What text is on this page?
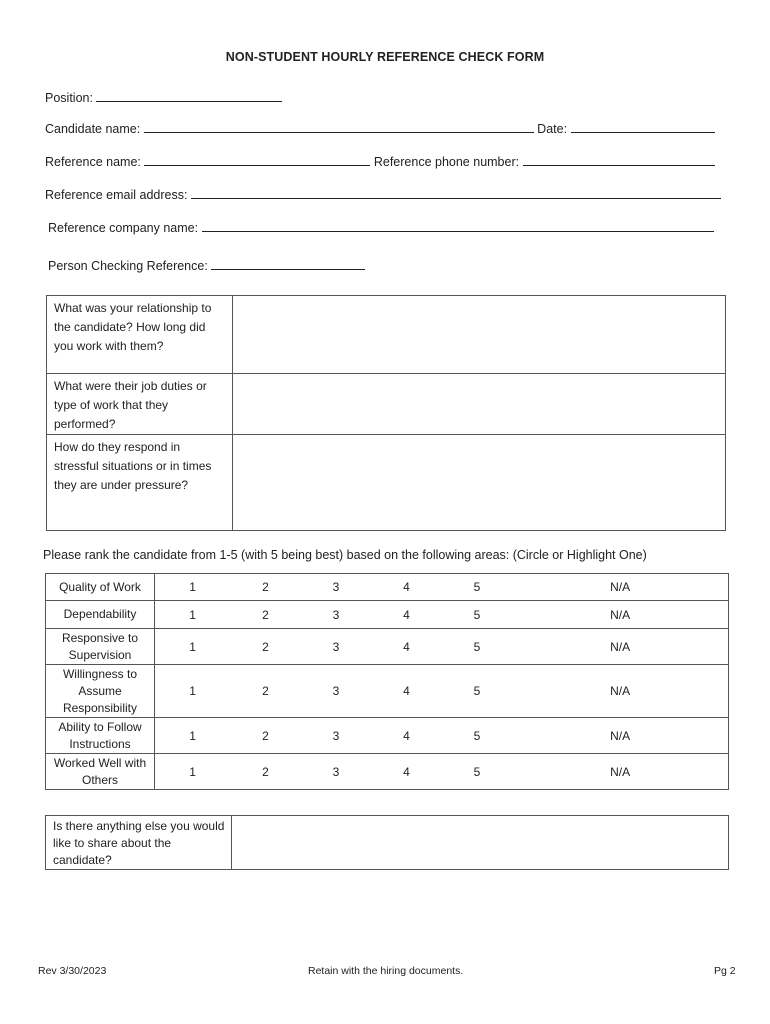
NON-STUDENT HOURLY REFERENCE CHECK FORM
Position:
Candidate name:	Date:
Reference name:	Reference phone number:
Reference email address:
Reference company name:
Person Checking Reference:
What was your relationship to the candidate? How long did you work with them?	
What were their job duties or type of work that they performed?	
How do they respond in stressful situations or in times they are under pressure?	
Please rank the candidate from 1-5 (with 5 being best) based on the following areas: (Circle or Highlight One)
Quality of Work	1	2	3	4	5	N/A
Dependability	1	2	3	4	5	N/A
Responsive to Supervision	1	2	3	4	5	N/A
Willingness to Assume Responsibility	1	2	3	4	5	N/A
Ability to Follow Instructions	1	2	3	4	5	N/A
Worked Well with Others	1	2	3	4	5	N/A
Is there anything else you would like to share about the candidate?	
Rev 3/30/2023	Retain with the hiring documents.	Pg 2
